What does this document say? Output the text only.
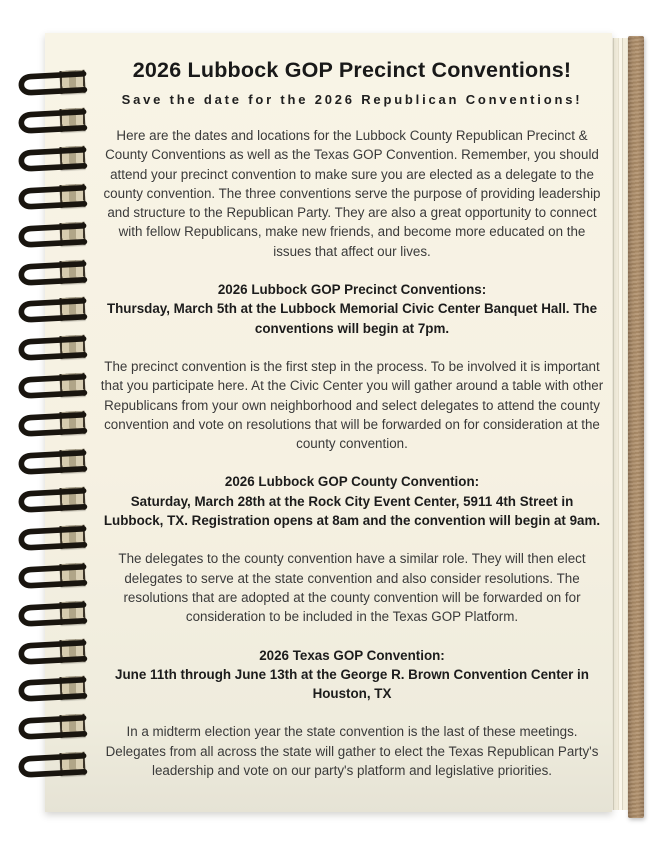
2026 Lubbock GOP Precinct Conventions!
Save the date for the 2026 Republican Conventions!

Here are the dates and locations for the Lubbock County Republican Precinct & County Conventions as well as the Texas GOP Convention. Remember, you should attend your precinct convention to make sure you are elected as a delegate to the county convention. The three conventions serve the purpose of providing leadership and structure to the Republican Party. They are also a great opportunity to connect with fellow Republicans, make new friends, and become more educated on the issues that affect our lives.

2026 Lubbock GOP Precinct Conventions:
Thursday, March 5th at the Lubbock Memorial Civic Center Banquet Hall. The conventions will begin at 7pm.

The precinct convention is the first step in the process. To be involved it is important that you participate here. At the Civic Center you will gather around a table with other Republicans from your own neighborhood and select delegates to attend the county convention and vote on resolutions that will be forwarded on for consideration at the county convention.

2026 Lubbock GOP County Convention:
Saturday, March 28th at the Rock City Event Center, 5911 4th Street in Lubbock, TX. Registration opens at 8am and the convention will begin at 9am.

The delegates to the county convention have a similar role. They will then elect delegates to serve at the state convention and also consider resolutions. The resolutions that are adopted at the county convention will be forwarded on for consideration to be included in the Texas GOP Platform.

2026 Texas GOP Convention:
June 11th through June 13th at the George R. Brown Convention Center in Houston, TX

In a midterm election year the state convention is the last of these meetings. Delegates from all across the state will gather to elect the Texas Republican Party's leadership and vote on our party's platform and legislative priorities.
